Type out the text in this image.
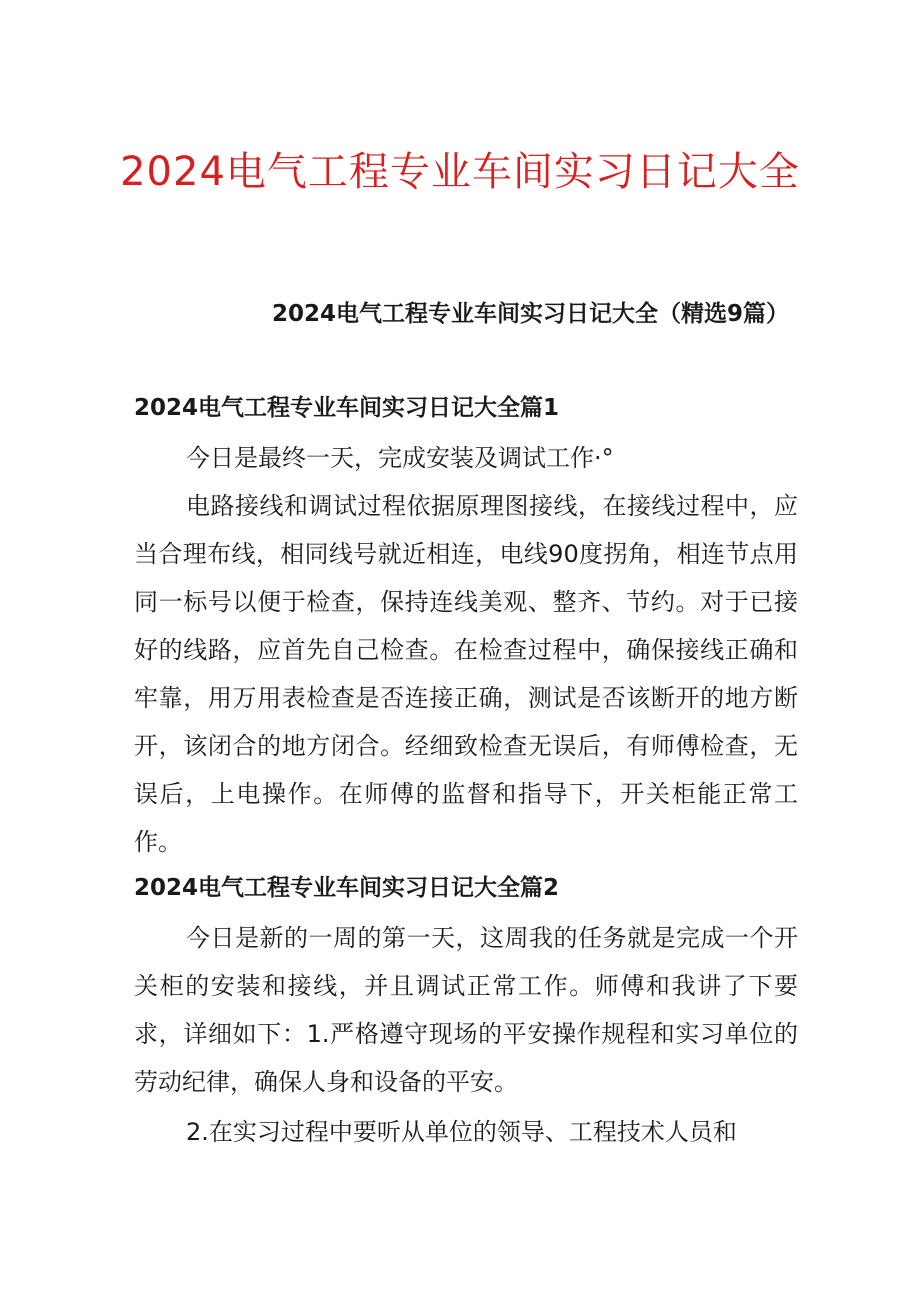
2024电气工程专业车间实习日记大全

2024电气工程专业车间实习日记大全（精选9篇）

2024电气工程专业车间实习日记大全篇1

今日是最终一天，完成安装及调试工作·°

电路接线和调试过程依据原理图接线，在接线过程中，应当合理布线，相同线号就近相连，电线90度拐角，相连节点用同一标号以便于检查，保持连线美观、整齐、节约。对于已接好的线路，应首先自己检查。在检查过程中，确保接线正确和牢靠，用万用表检查是否连接正确，测试是否该断开的地方断开，该闭合的地方闭合。经细致检查无误后，有师傅检查，无误后，上电操作。在师傅的监督和指导下，开关柜能正常工作。

2024电气工程专业车间实习日记大全篇2

今日是新的一周的第一天，这周我的任务就是完成一个开关柜的安装和接线，并且调试正常工作。师傅和我讲了下要求，详细如下：1.严格遵守现场的平安操作规程和实习单位的劳动纪律，确保人身和设备的平安。

2.在实习过程中要听从单位的领导、工程技术人员和
